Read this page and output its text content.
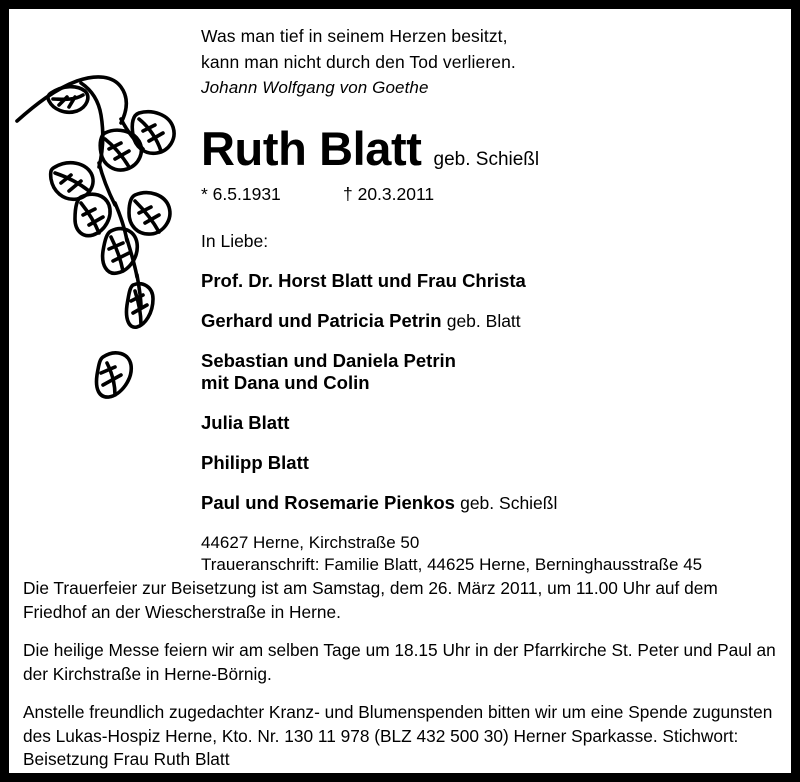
Was man tief in seinem Herzen besitzt,
kann man nicht durch den Tod verlieren.
Johann Wolfgang von Goethe
Ruth Blatt geb. Schießl
* 6.5.1931	† 20.3.2011
In Liebe:
Prof. Dr. Horst Blatt und Frau Christa
Gerhard und Patricia Petrin geb. Blatt
Sebastian und Daniela Petrin
mit Dana und Colin
Julia Blatt
Philipp Blatt
Paul und Rosemarie Pienkos geb. Schießl
44627 Herne, Kirchstraße 50
Traueranschrift: Familie Blatt, 44625 Herne, Berninghausstraße 45
Die Trauerfeier zur Beisetzung ist am Samstag, dem 26. März 2011, um 11.00 Uhr auf dem Friedhof an der Wiescherstraße in Herne.
Die heilige Messe feiern wir am selben Tage um 18.15 Uhr in der Pfarrkirche St. Peter und Paul an der Kirchstraße in Herne-Börnig.
Anstelle freundlich zugedachter Kranz- und Blumenspenden bitten wir um eine Spende zugunsten des Lukas-Hospiz Herne, Kto. Nr. 130 11 978 (BLZ 432 500 30) Herner Sparkasse. Stichwort: Beisetzung Frau Ruth Blatt
